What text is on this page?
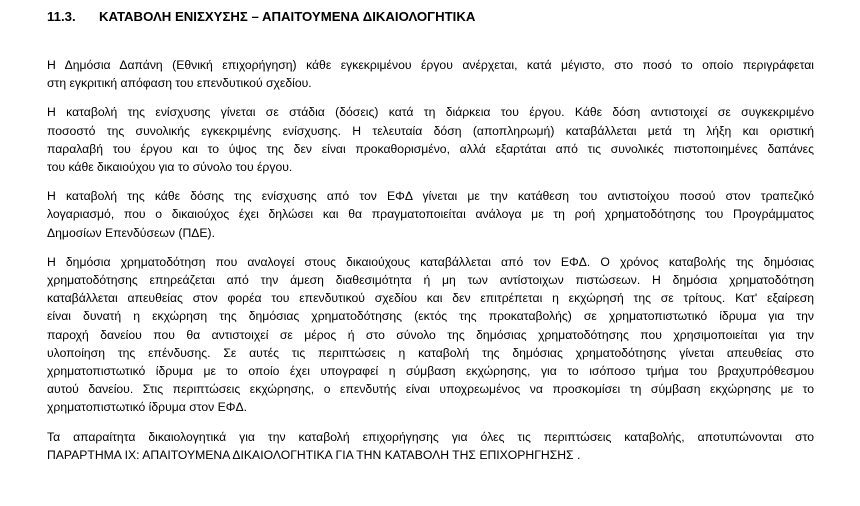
11.3. ΚΑΤΑΒΟΛΗ ΕΝΙΣΧΥΣΗΣ – ΑΠΑΙΤΟΥΜΕΝΑ ΔΙΚΑΙΟΛΟΓΗΤΙΚΑ
Η Δημόσια Δαπάνη (Εθνική επιχορήγηση) κάθε εγκεκριμένου έργου ανέρχεται, κατά μέγιστο, στο ποσό το οποίο περιγράφεται
στη εγκριτική απόφαση του επενδυτικού σχεδίου.
Η καταβολή της ενίσχυσης γίνεται σε στάδια (δόσεις) κατά τη διάρκεια του έργου. Κάθε δόση αντιστοιχεί σε συγκεκριμένο
ποσοστό της συνολικής εγκεκριμένης ενίσχυσης. Η τελευταία δόση (αποπληρωμή) καταβάλλεται μετά τη λήξη και οριστική
παραλαβή του έργου και το ύψος της δεν είναι προκαθορισμένο, αλλά εξαρτάται από τις συνολικές πιστοποιημένες δαπάνες
του κάθε δικαιούχου για το σύνολο του έργου.
Η καταβολή της κάθε δόσης της ενίσχυσης από τον ΕΦΔ γίνεται με την κατάθεση του αντιστοίχου ποσού στον τραπεζικό
λογαριασμό, που ο δικαιούχος έχει δηλώσει και θα πραγματοποιείται ανάλογα με τη ροή χρηματοδότησης του Προγράμματος
Δημοσίων Επενδύσεων (ΠΔΕ).
Η δημόσια χρηματοδότηση που αναλογεί στους δικαιούχους καταβάλλεται από τον ΕΦΔ. Ο χρόνος καταβολής της δημόσιας
χρηματοδότησης επηρεάζεται από την άμεση διαθεσιμότητα ή μη των αντίστοιχων πιστώσεων. Η δημόσια χρηματοδότηση
καταβάλλεται απευθείας στον φορέα του επενδυτικού σχεδίου και δεν επιτρέπεται η εκχώρησή της σε τρίτους. Κατ' εξαίρεση
είναι δυνατή η εκχώρηση της δημόσιας χρηματοδότησης (εκτός της προκαταβολής) σε χρηματοπιστωτικό ίδρυμα για την
παροχή δανείου που θα αντιστοιχεί σε μέρος ή στο σύνολο της δημόσιας χρηματοδότησης που χρησιμοποιείται για την
υλοποίηση της επένδυσης. Σε αυτές τις περιπτώσεις η καταβολή της δημόσιας χρηματοδότησης γίνεται απευθείας στο
χρηματοπιστωτικό ίδρυμα με το οποίο έχει υπογραφεί η σύμβαση εκχώρησης, για το ισόποσο τμήμα του βραχυπρόθεσμου
αυτού δανείου. Στις περιπτώσεις εκχώρησης, ο επενδυτής είναι υποχρεωμένος να προσκομίσει τη σύμβαση εκχώρησης με το
χρηματοπιστωτικό ίδρυμα στον ΕΦΔ.
Τα απαραίτητα δικαιολογητικά για την καταβολή επιχορήγησης για όλες τις περιπτώσεις καταβολής, αποτυπώνονται στο
ΠΑΡΑΡΤΗΜΑ ΙΧ: ΑΠΑΙΤΟΥΜΕΝΑ ΔΙΚΑΙΟΛΟΓΗΤΙΚΑ ΓΙΑ ΤΗΝ ΚΑΤΑΒΟΛΗ ΤΗΣ ΕΠΙΧΟΡΗΓΗΣΗΣ .
